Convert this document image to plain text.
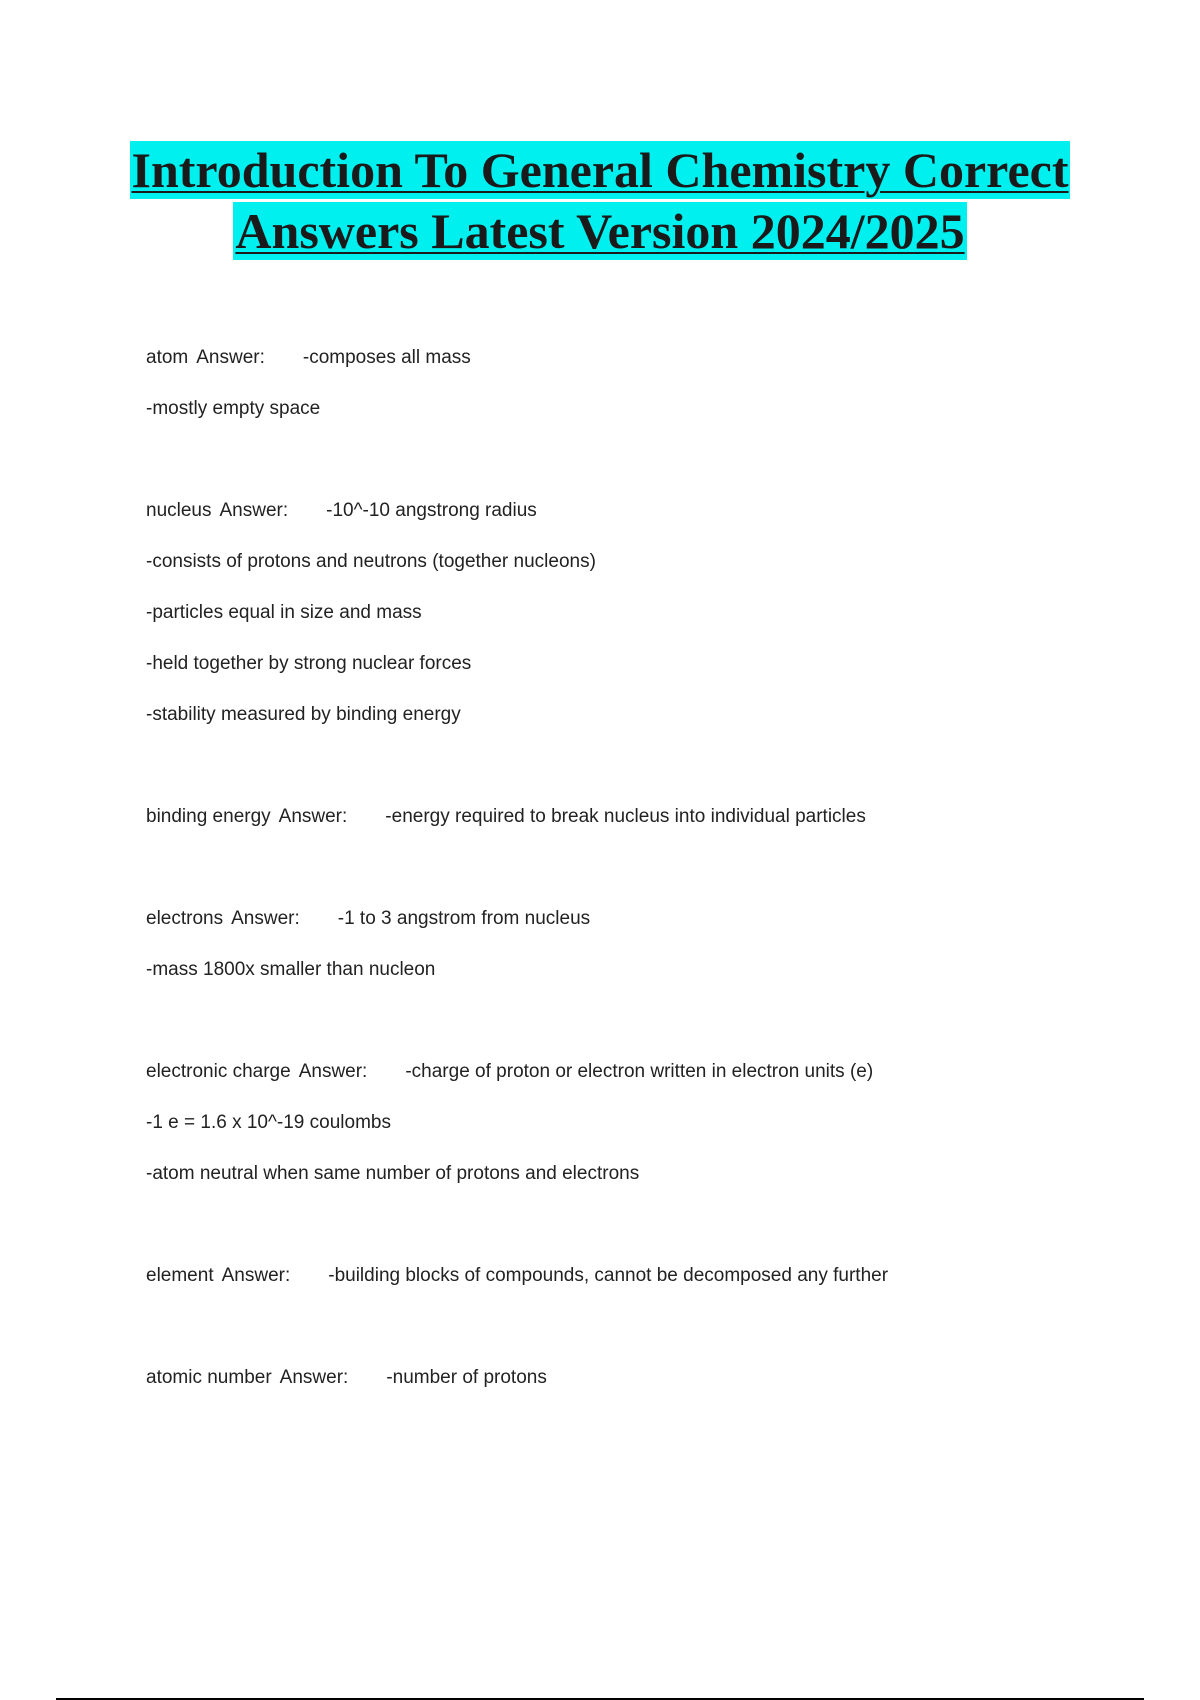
Introduction To General Chemistry Correct Answers Latest Version 2024/2025
atom Answer: -composes all mass
-mostly empty space
nucleus Answer: -10^-10 angstrong radius
-consists of protons and neutrons (together nucleons)
-particles equal in size and mass
-held together by strong nuclear forces
-stability measured by binding energy
binding energy Answer: -energy required to break nucleus into individual particles
electrons Answer: -1 to 3 angstrom from nucleus
-mass 1800x smaller than nucleon
electronic charge Answer: -charge of proton or electron written in electron units (e)
-1 e = 1.6 x 10^-19 coulombs
-atom neutral when same number of protons and electrons
element Answer: -building blocks of compounds, cannot be decomposed any further
atomic number Answer: -number of protons
